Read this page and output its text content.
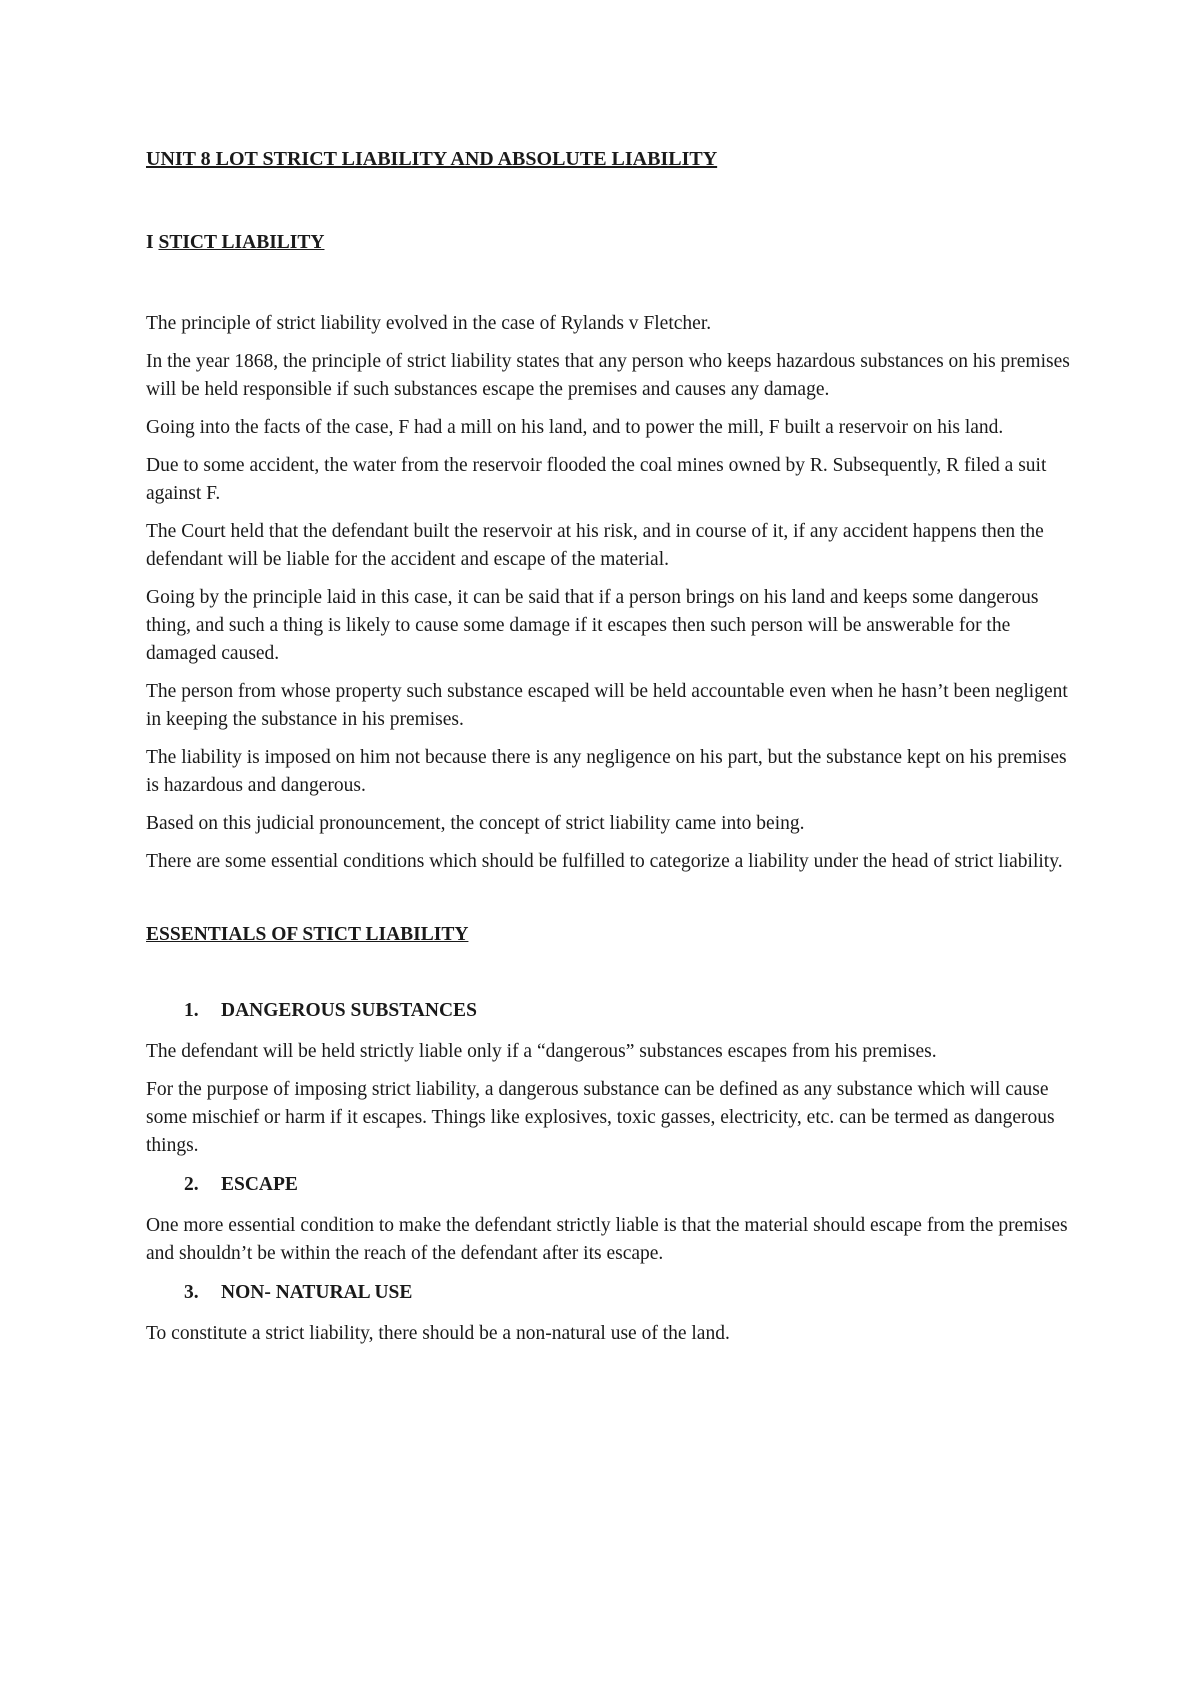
UNIT 8 LOT STRICT LIABILITY AND ABSOLUTE LIABILITY
I STICT LIABILITY

The principle of strict liability evolved in the case of Rylands v Fletcher.

In the year 1868, the principle of strict liability states that any person who keeps hazardous substances on his premises will be held responsible if such substances escape the premises and causes any damage.

Going into the facts of the case, F had a mill on his land, and to power the mill, F built a reservoir on his land.

Due to some accident, the water from the reservoir flooded the coal mines owned by R. Subsequently, R filed a suit against F.

The Court held that the defendant built the reservoir at his risk, and in course of it, if any accident happens then the defendant will be liable for the accident and escape of the material.

Going by the principle laid in this case, it can be said that if a person brings on his land and keeps some dangerous thing, and such a thing is likely to cause some damage if it escapes then such person will be answerable for the damaged caused.

The person from whose property such substance escaped will be held accountable even when he hasn’t been negligent in keeping the substance in his premises.

The liability is imposed on him not because there is any negligence on his part, but the substance kept on his premises is hazardous and dangerous.

Based on this judicial pronouncement, the concept of strict liability came into being.

There are some essential conditions which should be fulfilled to categorize a liability under the head of strict liability.

ESSENTIALS OF STICT LIABILITY
1.	DANGEROUS SUBSTANCES

The defendant will be held strictly liable only if a “dangerous” substances escapes from his premises.

For the purpose of imposing strict liability, a dangerous substance can be defined as any substance which will cause some mischief or harm if it escapes. Things like explosives, toxic gasses, electricity, etc. can be termed as dangerous things.

2.	ESCAPE

One more essential condition to make the defendant strictly liable is that the material should escape from the premises and shouldn’t be within the reach of the defendant after its escape.

3.	NON- NATURAL USE

To constitute a strict liability, there should be a non-natural use of the land.
